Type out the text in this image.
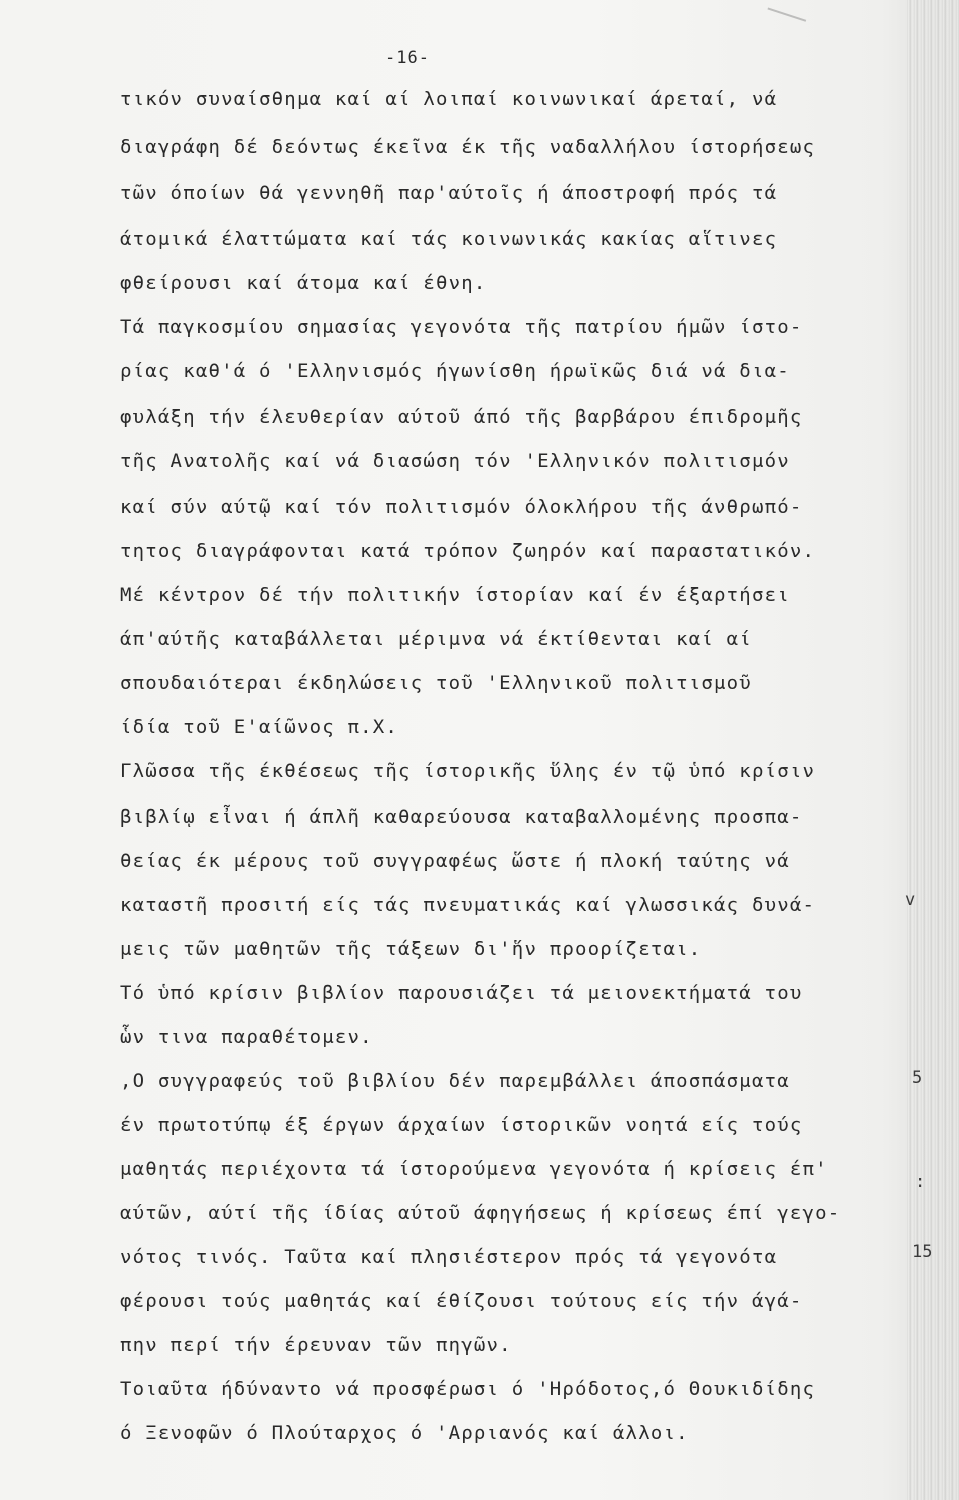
-16-
τικόν συναίσθημα καί αί λοιπαί κοινωνικαί άρεταί, νά
διαγράφη δέ δεόντως έκεῖνα έκ τῆς ναδαλλήλου ίστορήσεως
τῶν όποίων θά γεννηθῆ παρ'αύτοῖς ή άποστροφή πρός τά
άτομικά έλαττώματα καί τάς κοινωνικάς κακίας αἵτινες
φθείρουσι καί άτομα καί έθνη.
Τά παγκοσμίου σημασίας γεγονότα τῆς πατρίου ήμῶν ίστο-
ρίας καθ'ά ό 'Ελληνισμός ήγωνίσθη ήρωϊκῶς διά νά δια-
φυλάξη τήν έλευθερίαν αύτοῦ άπό τῆς βαρβάρου έπιδρομῆς
τῆς Ανατολῆς καί νά διασώση τόν 'Ελληνικόν πολιτισμόν
καί σύν αύτῷ καί τόν πολιτισμόν όλοκλήρου τῆς άνθρωπό-
τητος διαγράφονται κατά τρόπον ζωηρόν καί παραστατικόν.
Μέ κέντρον δέ τήν πολιτικήν ίστορίαν καί έν έξαρτήσει
άπ'αύτῆς καταβάλλεται μέριμνα νά έκτίθενται καί αί
σπουδαιότεραι έκδηλώσεις τοῦ 'Ελληνικοῦ πολιτισμοῦ
ίδία τοῦ Ε'αίῶνος π.Χ.
Γλῶσσα τῆς έκθέσεως τῆς ίστορικῆς ὕλης έν τῷ ὑπό κρίσιν
βιβλίῳ εἶναι ή άπλῆ καθαρεύουσα καταβαλλομένης προσπα-
θείας έκ μέρους τοῦ συγγραφέως ὥστε ή πλοκή ταύτης νά
καταστῆ προσιτή είς τάς πνευματικάς καί γλωσσικάς δυνά-
μεις τῶν μαθητῶν τῆς τάξεων δι'ἥν προορίζεται.
Τό ὑπό κρίσιν βιβλίον παρουσιάζει τά μειονεκτήματά του
ὧν τινα παραθέτομεν.
,Ο συγγραφεύς τοῦ βιβλίου δέν παρεμβάλλει άποσπάσματα
έν πρωτοτύπῳ έξ έργων άρχαίων ίστορικῶν νοητά είς τούς
μαθητάς περιέχοντα τά ίστορούμενα γεγονότα ή κρίσεις έπ'
αύτῶν, αύτί τῆς ίδίας αύτοῦ άφηγήσεως ή κρίσεως έπί γεγο-
νότος τινός. Ταῦτα καί πλησιέστερον πρός τά γεγονότα
φέρουσι τούς μαθητάς καί έθίζουσι τούτους είς τήν άγά-
πην περί τήν έρευναν τῶν πηγῶν.
Τοιαῦτα ήδύναντο νά προσφέρωσι ό 'Ηρόδοτος,ό Θουκιδίδης
ό Ξενοφῶν ό Πλούταρχος ό 'Αρριανός καί άλλοι.
v
5
:
15
